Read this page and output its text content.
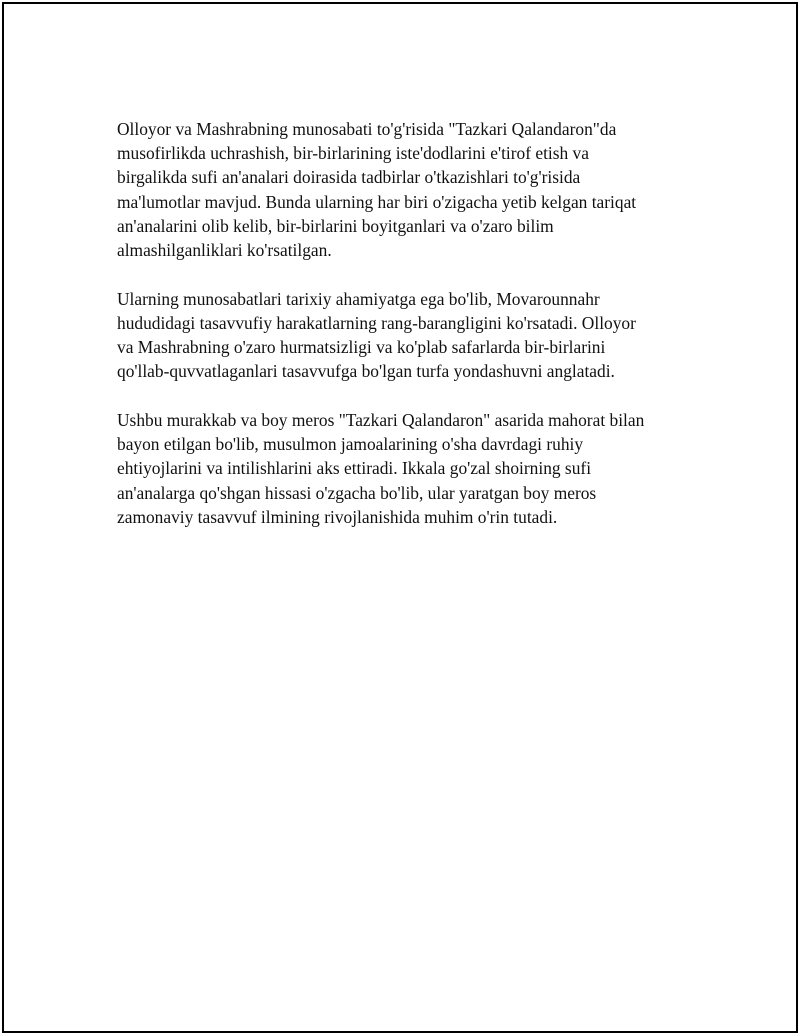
Olloyor va Mashrabning munosabati to'g'risida "Tazkari Qalandaron"da
musofirlikda uchrashish, bir-birlarining iste'dodlarini e'tirof etish va
birgalikda sufi an'analari doirasida tadbirlar o'tkazishlari to'g'risida
ma'lumotlar mavjud. Bunda ularning har biri o'zigacha yetib kelgan tariqat
an'analarini olib kelib, bir-birlarini boyitganlari va o'zaro bilim
almashilganliklari ko'rsatilgan.

Ularning munosabatlari tarixiy ahamiyatga ega bo'lib, Movarounnahr
hududidagi tasavvufiy harakatlarning rang-barangligini ko'rsatadi. Olloyor
va Mashrabning o'zaro hurmatsizligi va ko'plab safarlarda bir-birlarini
qo'llab-quvvatlaganlari tasavvufga bo'lgan turfa yondashuvni anglatadi.

Ushbu murakkab va boy meros "Tazkari Qalandaron" asarida mahorat bilan
bayon etilgan bo'lib, musulmon jamoalarining o'sha davrdagi ruhiy
ehtiyojlarini va intilishlarini aks ettiradi. Ikkala go'zal shoirning sufi
an'analarga qo'shgan hissasi o'zgacha bo'lib, ular yaratgan boy meros
zamonaviy tasavvuf ilmining rivojlanishida muhim o'rin tutadi.
